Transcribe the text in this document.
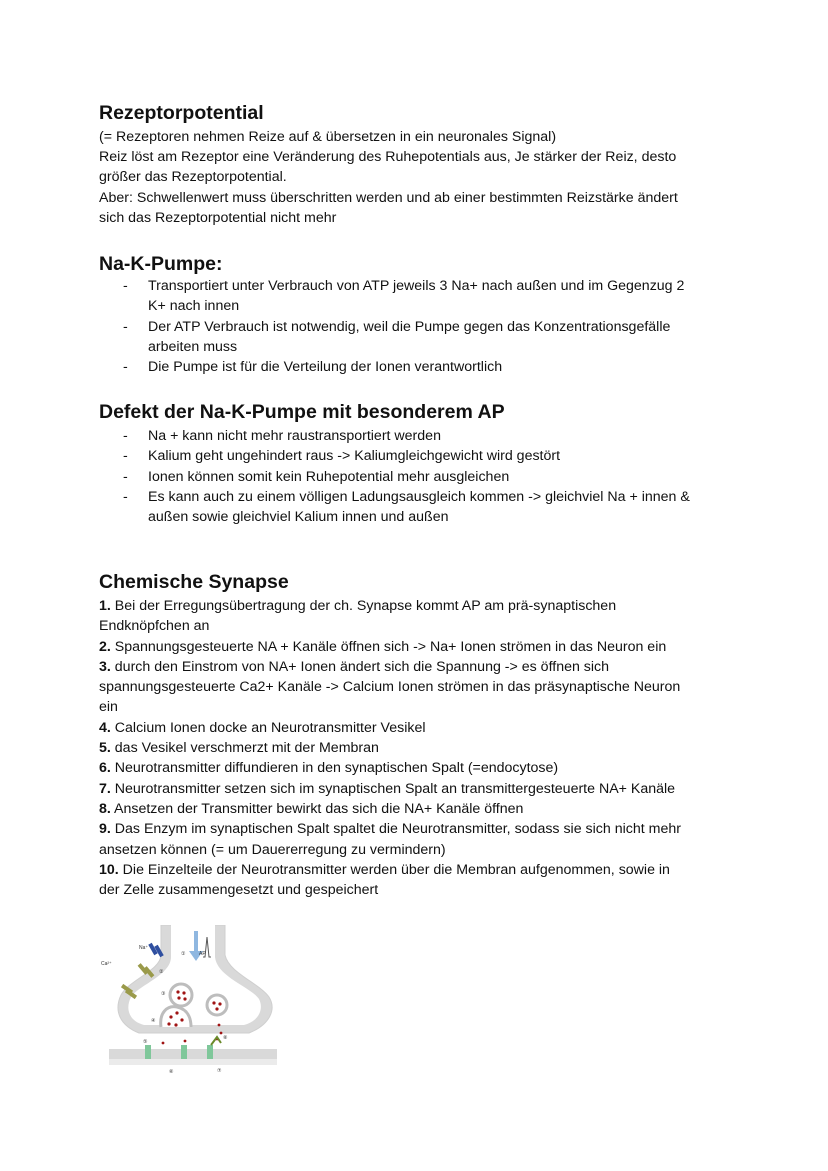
Rezeptorpotential

(= Rezeptoren nehmen Reize auf & übersetzen in ein neuronales Signal)

Reiz löst am Rezeptor eine Veränderung des Ruhepotentials aus, Je stärker der Reiz, desto

größer das Rezeptorpotential.

Aber: Schwellenwert muss überschritten werden und ab einer bestimmten Reizstärke ändert

sich das Rezeptorpotential nicht mehr

Na-K-Pumpe:
- Transportiert unter Verbrauch von ATP jeweils 3 Na+ nach außen und im Gegenzug 2
K+ nach innen
- Der ATP Verbrauch ist notwendig, weil die Pumpe gegen das Konzentrationsgefälle
arbeiten muss
- Die Pumpe ist für die Verteilung der Ionen verantwortlich
Defekt der Na-K-Pumpe mit besonderem AP
- Na + kann nicht mehr raustransportiert werden
- Kalium geht ungehindert raus -> Kaliumgleichgewicht wird gestört
- Ionen können somit kein Ruhepotential mehr ausgleichen
- Es kann auch zu einem völligen Ladungsausgleich kommen -> gleichviel Na + innen &
außen sowie gleichviel Kalium innen und außen
Chemische Synapse
1. Bei der Erregungsübertragung der ch. Synapse kommt AP am prä-synaptischen
Endknöpfchen an
2. Spannungsgesteuerte NA + Kanäle öffnen sich -> Na+ Ionen strömen in das Neuron ein
3. durch den Einstrom von NA+ Ionen ändert sich die Spannung -> es öffnen sich
spannungsgesteuerte Ca2+ Kanäle -> Calcium Ionen strömen in das präsynaptische Neuron
ein
4. Calcium Ionen docke an Neurotransmitter Vesikel
5. das Vesikel verschmerzt mit der Membran
6. Neurotransmitter diffundieren in den synaptischen Spalt (=endocytose)
7. Neurotransmitter setzen sich im synaptischen Spalt an transmittergesteuerte NA+ Kanäle
8. Ansetzen der Transmitter bewirkt das sich die NA+ Kanäle öffnen
9. Das Enzym im synaptischen Spalt spaltet die Neurotransmitter, sodass sie sich nicht mehr
ansetzen können (= um Dauererregung zu vermindern)
10. Die Einzelteile der Neurotransmitter werden über die Membran aufgenommen, sowie in
der Zelle zusammengesetzt und gespeichert
①	AP
②
③
④
⑤
⑥	⑦
⑧
Ca²⁺
Na⁺
